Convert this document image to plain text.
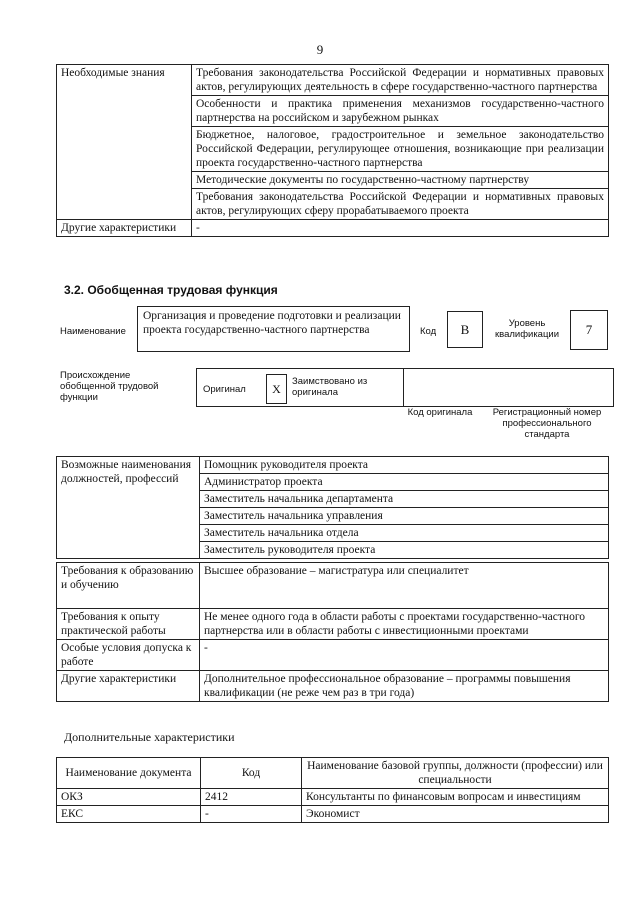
9
Необходимые знания	Требования законодательства Российской Федерации и нормативных правовых актов, регулирующих деятельность в сфере государственно-частного партнерства
	Особенности и практика применения механизмов государственно-частного партнерства на российском и зарубежном рынках
	Бюджетное, налоговое, градостроительное и земельное законодательство Российской Федерации, регулирующее отношения, возникающие при реализации проекта государственно-частного партнерства
	Методические документы по государственно-частному партнерству
	Требования законодательства Российской Федерации и нормативных правовых актов, регулирующих сферу прорабатываемого проекта
Другие характеристики	-
3.2. Обобщенная трудовая функция
Наименование
Организация и проведение подготовки и реализации проекта государственно-частного партнерства	Код	B	Уровень квалификации	7
Происхождение обобщенной трудовой функции
Оригинал	X
Заимствовано из оригинала
Код оригинала	Регистрационный номер профессионального стандарта
Возможные наименования должностей, профессий	Помощник руководителя проекта
Администратор проекта
Заместитель начальника департамента
Заместитель начальника управления
Заместитель начальника отдела
Заместитель руководителя проекта
Требования к образованию и обучению	Высшее образование – магистратура или специалитет
Требования к опыту практической работы	Не менее одного года в области работы с проектами государственно-частного партнерства или в области работы с инвестиционными проектами
Особые условия допуска к работе	-
Другие характеристики	Дополнительное профессиональное образование – программы повышения квалификации (не реже чем раз в три года)
Дополнительные характеристики
Наименование документа	Код	Наименование базовой группы, должности (профессии) или специальности
ОКЗ	2412	Консультанты по финансовым вопросам и инвестициям
ЕКС	-	Экономист
